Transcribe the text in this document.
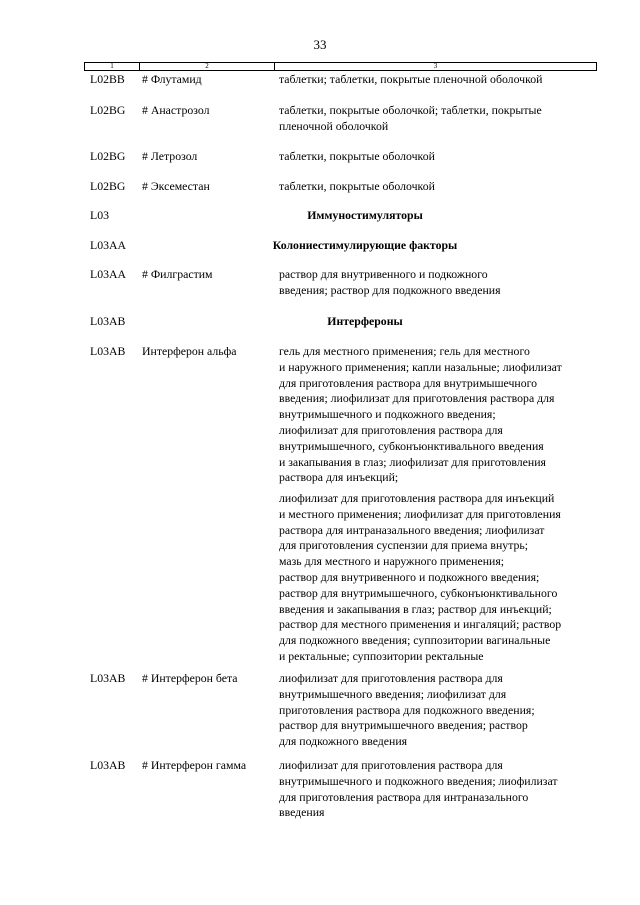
33
1	2	3
L02BB	# Флутамид	таблетки; таблетки, покрытые пленочной оболочкой
L02BG	# Анастрозол	таблетки, покрытые оболочкой; таблетки, покрытые
пленочной оболочкой
L02BG	# Летрозол	таблетки, покрытые оболочкой
L02BG	# Эксеместан	таблетки, покрытые оболочкой
L03	Иммуностимуляторы
L03AA	Колониестимулирующие факторы
L03AA	# Филграстим	раствор для внутривенного и подкожного
введения; раствор для подкожного введения
L03AB	Интерфероны
L03AB	Интерферон альфа	гель для местного применения; гель для местного
и наружного применения; капли назальные; лиофилизат
для приготовления раствора для внутримышечного
введения; лиофилизат для приготовления раствора для
внутримышечного и подкожного введения;
лиофилизат для приготовления раствора для
внутримышечного, субконъюнктивального введения
и закапывания в глаз; лиофилизат для приготовления
раствора для инъекций;
лиофилизат для приготовления раствора для инъекций
и местного применения; лиофилизат для приготовления
раствора для интраназального введения; лиофилизат
для приготовления суспензии для приема внутрь;
мазь для местного и наружного применения;
раствор для внутривенного и подкожного введения;
раствор для внутримышечного, субконъюнктивального
введения и закапывания в глаз; раствор для инъекций;
раствор для местного применения и ингаляций; раствор
для подкожного введения; суппозитории вагинальные
и ректальные; суппозитории ректальные
L03AB	# Интерферон бета	лиофилизат для приготовления раствора для
внутримышечного введения; лиофилизат для
приготовления раствора для подкожного введения;
раствор для внутримышечного введения; раствор
для подкожного введения
L03AB	# Интерферон гамма	лиофилизат для приготовления раствора для
внутримышечного и подкожного введения; лиофилизат
для приготовления раствора для интраназального
введения
